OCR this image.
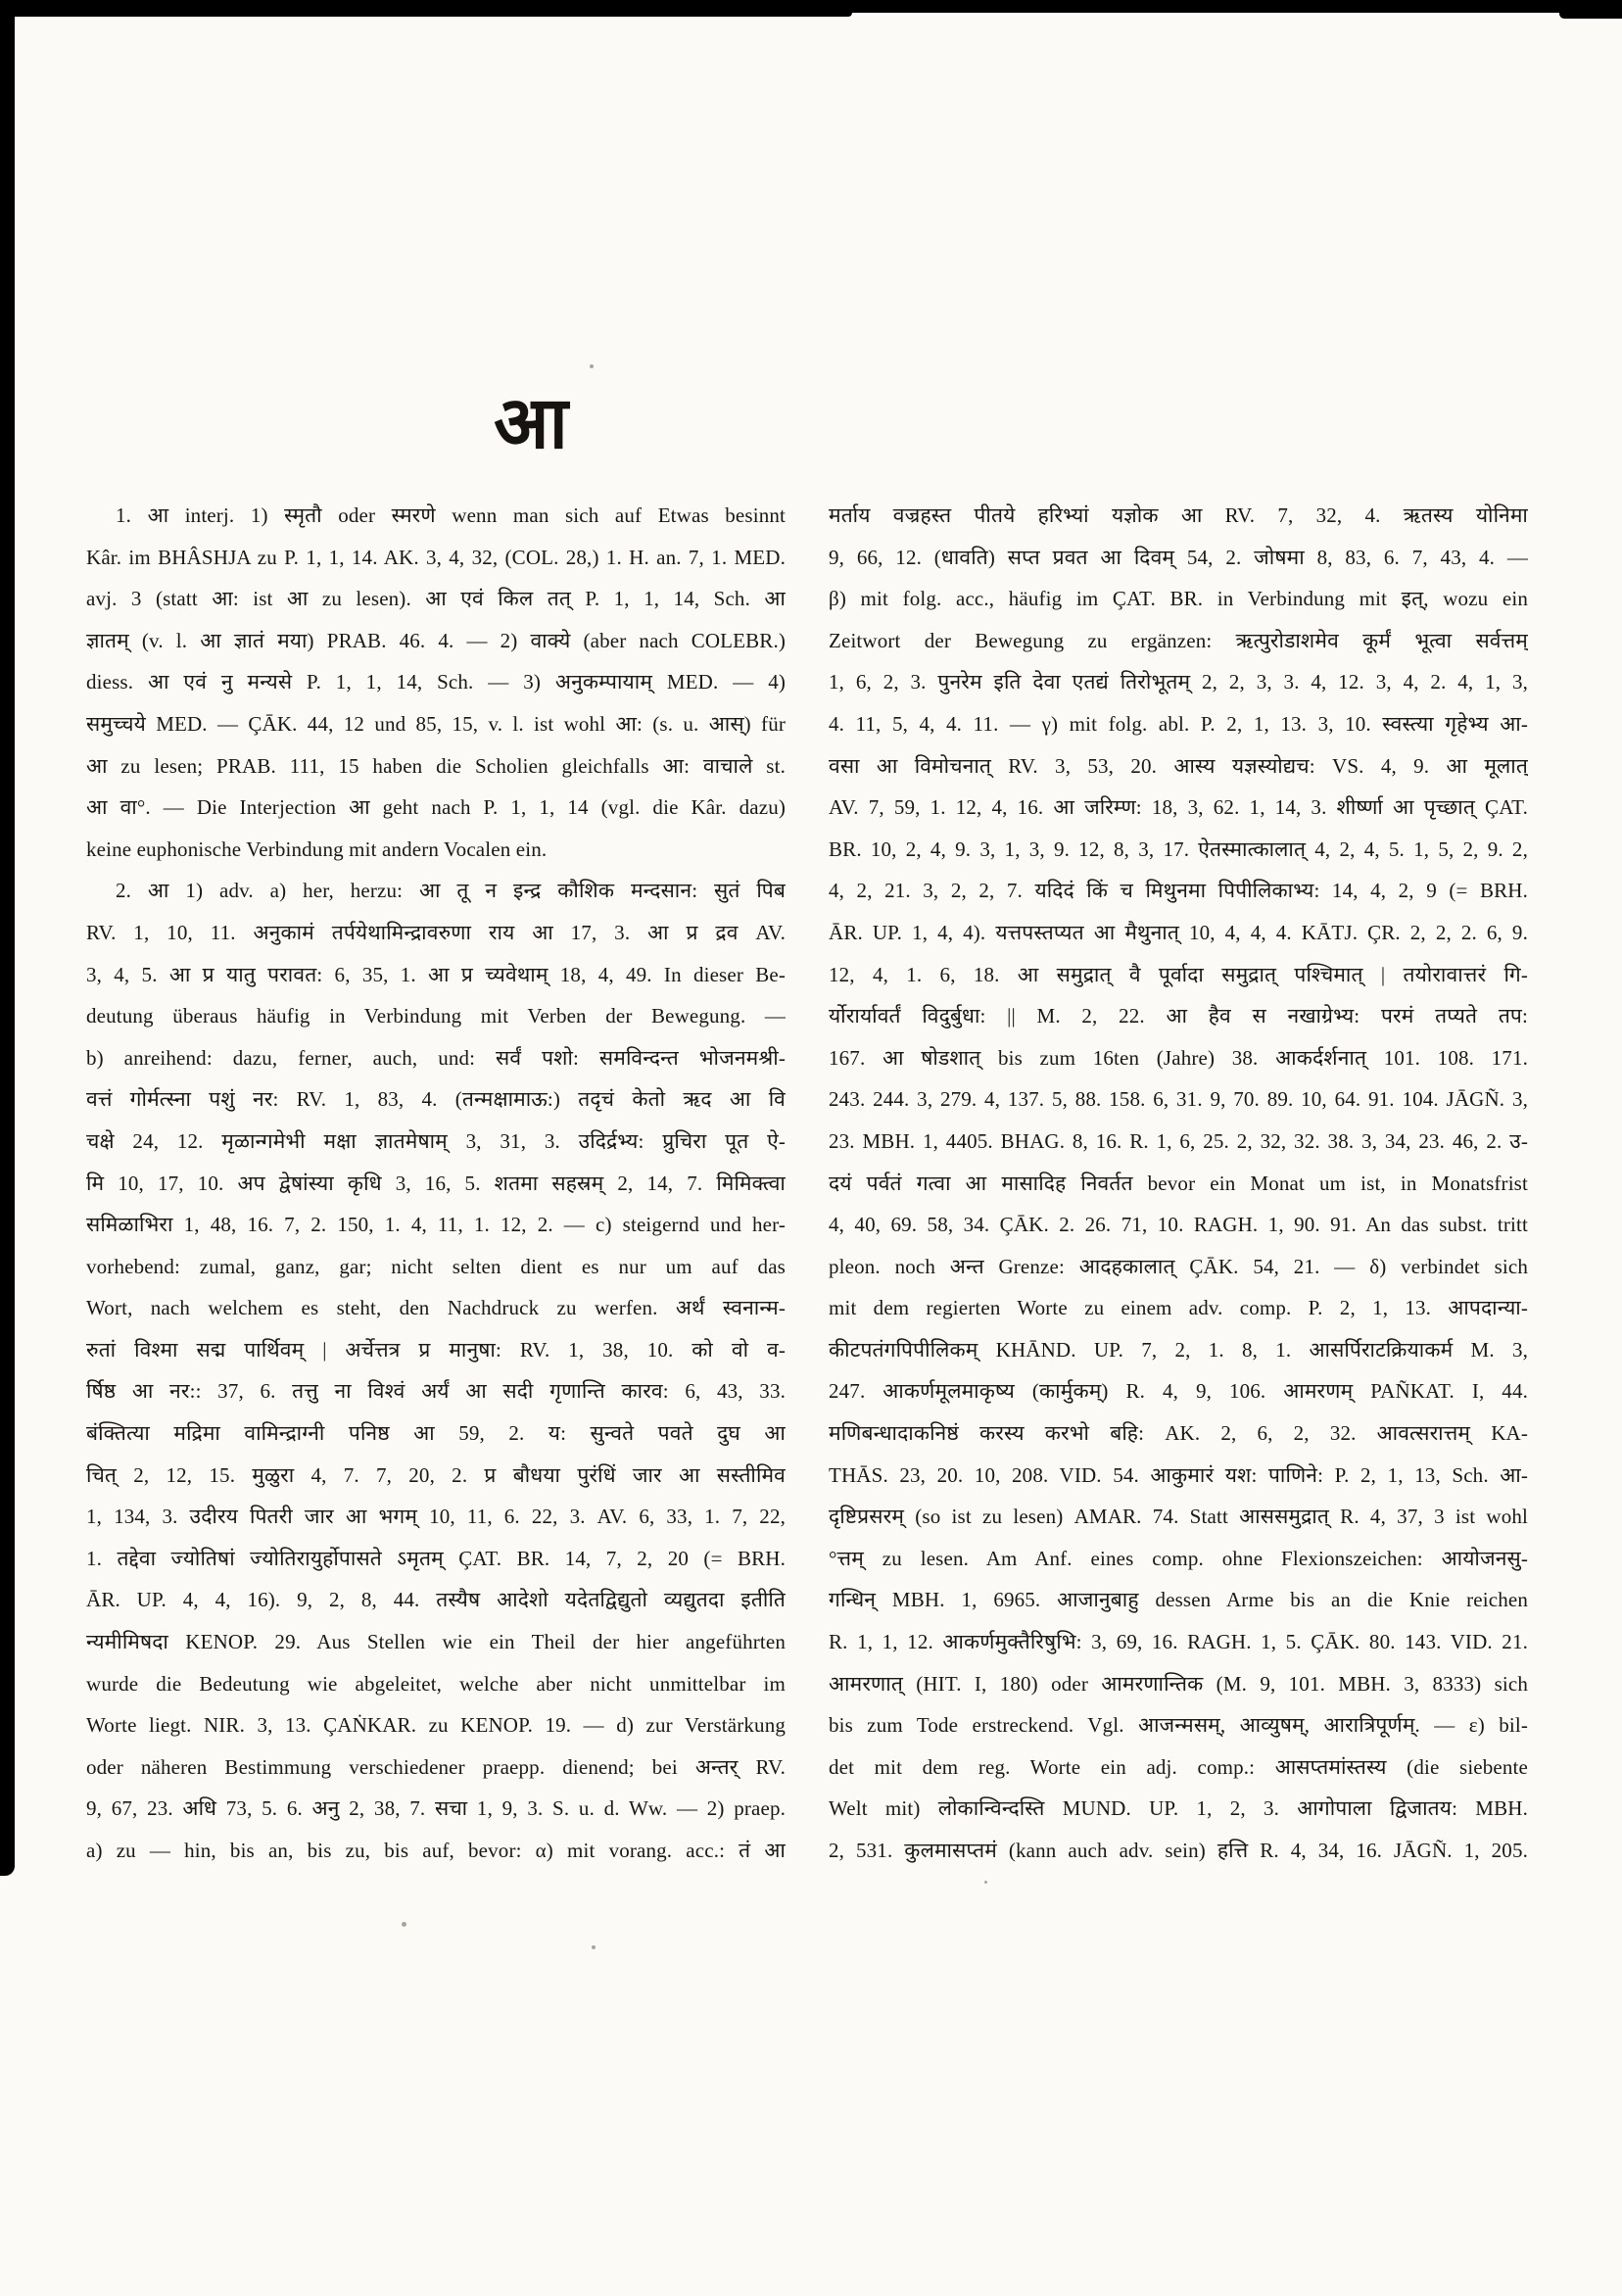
आ
1. आ interj. 1) स्मृतौ oder स्मरणे wenn man sich auf Etwas besinnt
Kâr. im BHÂSHJA zu P. 1, 1, 14. AK. 3, 4, 32, (COL. 28,) 1. H. an. 7, 1. MED.
avj. 3 (statt आ: ist आ zu lesen). आ एवं किल तत् P. 1, 1, 14, Sch. आ
ज्ञातम् (v. l. आ ज्ञातं मया) PRAB. 46. 4. — 2) वाक्ये (aber nach COLEBR.)
diess. आ एवं नु मन्यसे P. 1, 1, 14, Sch. — 3) अनुकम्पायाम् MED. — 4)
समुच्चये MED. — ÇĀK. 44, 12 und 85, 15, v. l. ist wohl आ: (s. u. आस्) für
आ zu lesen; PRAB. 111, 15 haben die Scholien gleichfalls आ: वाचाले st.
आ वा°. — Die Interjection आ geht nach P. 1, 1, 14 (vgl. die Kâr. dazu)
keine euphonische Verbindung mit andern Vocalen ein.
2. आ 1) adv. a) her, herzu: आ तू न इन्द्र कौशिक मन्दसान: सुतं पिब
RV. 1, 10, 11. अनुकामं तर्पयेथामिन्द्रावरुणा राय आ 17, 3. आ प्र द्रव AV.
3, 4, 5. आ प्र यातु परावत: 6, 35, 1. आ प्र च्यवेथाम् 18, 4, 49. In dieser Be-
deutung überaus häufig in Verbindung mit Verben der Bewegung. —
b) anreihend: dazu, ferner, auch, und: सर्वं पशो: समविन्दन्त भोजनमश्री-
वत्तं गोर्मत्स्ना पशुं नर: RV. 1, 83, 4. (तन्मक्षामाऊ:) तदृचं केतो ऋद आ वि
चक्षे 24, 12. मृळान्गमेभी मक्षा ज्ञातमेषाम् 3, 31, 3. उदिर्द्रभ्य: प्रुचिरा पूत ऐ-
मि 10, 17, 10. अप द्वेषांस्या कृधि 3, 16, 5. शतमा सहस्रम् 2, 14, 7. मिमिक्त्वा
समिळाभिरा 1, 48, 16. 7, 2. 150, 1. 4, 11, 1. 12, 2. — c) steigernd und her-
vorhebend: zumal, ganz, gar; nicht selten dient es nur um auf das
Wort, nach welchem es steht, den Nachdruck zu werfen. अर्थं स्वनान्म-
रुतां विश्मा सद्म पार्थिवम् | अर्चेत्तत्र प्र मानुषा: RV. 1, 38, 10. को वो व-
र्षिष्ठ आ नर:: 37, 6. तत्तु ना विश्वं अर्यं आ सदी गृणान्ति कारव: 6, 43, 33.
बंक्तित्या मद्रिमा वामिन्द्राग्नी पनिष्ठ आ 59, 2. य: सुन्वते पवते दुघ आ
चित् 2, 12, 15. मुळुरा 4, 7. 7, 20, 2. प्र बौधया पुरंधिं जार आ सस्तीमिव
1, 134, 3. उदीरय पितरी जार आ भगम् 10, 11, 6. 22, 3. AV. 6, 33, 1. 7, 22,
1. तद्देवा ज्योतिषां ज्योतिरायुर्होपासते ऽमृतम् ÇAT. BR. 14, 7, 2, 20 (= BRH.
ĀR. UP. 4, 4, 16). 9, 2, 8, 44. तस्यैष आदेशो यदेतद्विद्युतो व्यद्युतदा इतीति
न्यमीमिषदा KENOP. 29. Aus Stellen wie ein Theil der hier angeführten
wurde die Bedeutung wie abgeleitet, welche aber nicht unmittelbar im
Worte liegt. NIR. 3, 13. ÇAṄKAR. zu KENOP. 19. — d) zur Verstärkung
oder näheren Bestimmung verschiedener praepp. dienend; bei अन्तर् RV.
9, 67, 23. अधि 73, 5. 6. अनु 2, 38, 7. सचा 1, 9, 3. S. u. d. Ww. — 2) praep.
a) zu — hin, bis an, bis zu, bis auf, bevor: α) mit vorang. acc.: तं आ
मर्ताय वज्रहस्त पीतये हरिभ्यां यज्ञोक आ RV. 7, 32, 4. ऋतस्य योनिमा
9, 66, 12. (धावति) सप्त प्रवत आ दिवम् 54, 2. जोषमा 8, 83, 6. 7, 43, 4. —
β) mit folg. acc., häufig im ÇAT. BR. in Verbindung mit इत्, wozu ein
Zeitwort der Bewegung zu ergänzen: ऋत्पुरोडाशमेव कूर्मं भूत्वा सर्वत्तम्
1, 6, 2, 3. पुनरेम इति देवा एतद्यं तिरोभूतम् 2, 2, 3, 3. 4, 12. 3, 4, 2. 4, 1, 3,
4. 11, 5, 4, 4. 11. — γ) mit folg. abl. P. 2, 1, 13. 3, 10. स्वस्त्या गृहेभ्य आ-
वसा आ विमोचनात् RV. 3, 53, 20. आस्य यज्ञस्योद्यच: VS. 4, 9. आ मूलात्
AV. 7, 59, 1. 12, 4, 16. आ जरिम्ण: 18, 3, 62. 1, 14, 3. शीर्ष्णा आ पृच्छात् ÇAT.
BR. 10, 2, 4, 9. 3, 1, 3, 9. 12, 8, 3, 17. ऐतस्मात्कालात् 4, 2, 4, 5. 1, 5, 2, 9. 2,
4, 2, 21. 3, 2, 2, 7. यदिदं किं च मिथुनमा पिपीलिकाभ्य: 14, 4, 2, 9 (= BRH.
ĀR. UP. 1, 4, 4). यत्तपस्तप्यत आ मैथुनात् 10, 4, 4, 4. KĀTJ. ÇR. 2, 2, 2. 6, 9.
12, 4, 1. 6, 18. आ समुद्रात् वै पूर्वादा समुद्रात् पश्चिमात् | तयोरावात्तरं गि-
र्योरार्यावर्तं विदुर्बुधा: || M. 2, 22. आ हैव स नखाग्रेभ्य: परमं तप्यते तप:
167. आ षोडशात् bis zum 16ten (Jahre) 38. आकर्दर्शनात् 101. 108. 171.
243. 244. 3, 279. 4, 137. 5, 88. 158. 6, 31. 9, 70. 89. 10, 64. 91. 104. JĀGÑ. 3,
23. MBH. 1, 4405. BHAG. 8, 16. R. 1, 6, 25. 2, 32, 32. 38. 3, 34, 23. 46, 2. उ-
दयं पर्वतं गत्वा आ मासादिह निवर्तत bevor ein Monat um ist, in Monatsfrist
4, 40, 69. 58, 34. ÇĀK. 2. 26. 71, 10. RAGH. 1, 90. 91. An das subst. tritt
pleon. noch अन्त Grenze: आदहकालात् ÇĀK. 54, 21. — δ) verbindet sich
mit dem regierten Worte zu einem adv. comp. P. 2, 1, 13. आपदान्या-
कीटपतंगपिपीलिकम् KHĀND. UP. 7, 2, 1. 8, 1. आसर्पिराटक्रियाकर्म M. 3,
247. आकर्णमूलमाकृष्य (कार्मुकम्) R. 4, 9, 106. आमरणम् PAÑKAT. I, 44.
मणिबन्धादाकनिष्ठं करस्य करभो बहि: AK. 2, 6, 2, 32. आवत्सरात्तम् KA-
THĀS. 23, 20. 10, 208. VID. 54. आकुमारं यश: पाणिने: P. 2, 1, 13, Sch. आ-
दृष्टिप्रसरम् (so ist zu lesen) AMAR. 74. Statt आससमुद्रात् R. 4, 37, 3 ist wohl
°त्तम् zu lesen. Am Anf. eines comp. ohne Flexionszeichen: आयोजनसु-
गन्धिन् MBH. 1, 6965. आजानुबाहु dessen Arme bis an die Knie reichen
R. 1, 1, 12. आकर्णमुक्तैरिषुभि: 3, 69, 16. RAGH. 1, 5. ÇĀK. 80. 143. VID. 21.
आमरणात् (HIT. I, 180) oder आमरणान्तिक (M. 9, 101. MBH. 3, 8333) sich
bis zum Tode erstreckend. Vgl. आजन्मसम्, आव्युषम्, आरात्रिपूर्णम्. — ε) bil-
det mit dem reg. Worte ein adj. comp.: आसप्तमांस्तस्य (die siebente
Welt mit) लोकान्विन्दस्ति MUND. UP. 1, 2, 3. आगोपाला द्विजातय: MBH.
2, 531. कुलमासप्तमं (kann auch adv. sein) हत्ति R. 4, 34, 16. JĀGÑ. 1, 205.
